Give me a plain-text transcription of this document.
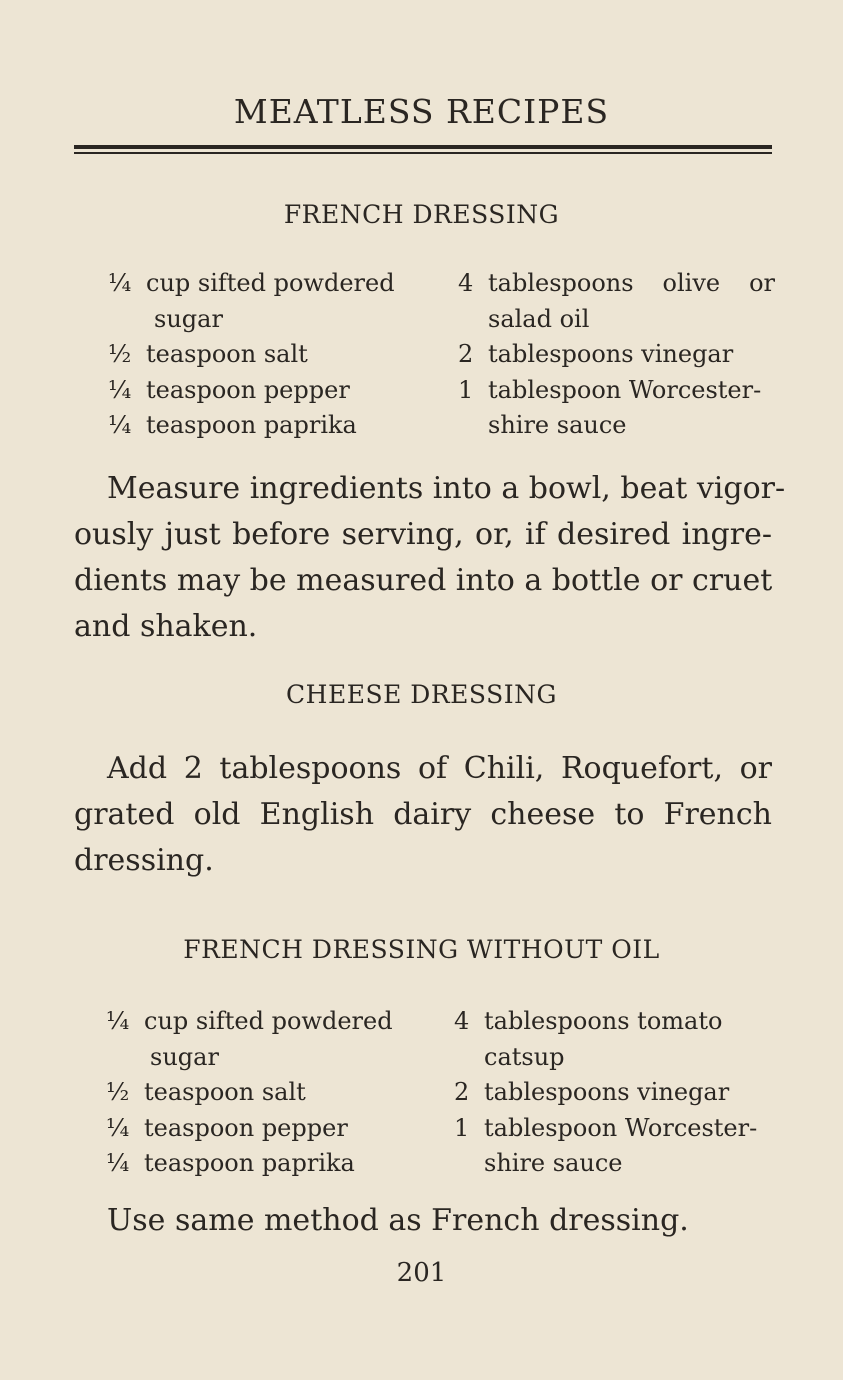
MEATLESS RECIPES
FRENCH DRESSING
¼ cup sifted powdered
sugar
½ teaspoon salt
¼ teaspoon pepper
¼ teaspoon paprika
4 tablespoons olive or
salad oil
2 tablespoons vinegar
1 tablespoon Worcester-
shire sauce
Measure ingredients into a bowl, beat vigor-
ously just before serving, or, if desired ingre-
dients may be measured into a bottle or cruet
and shaken.
CHEESE DRESSING
Add 2 tablespoons of Chili, Roquefort, or
grated old English dairy cheese to French
dressing.
FRENCH DRESSING WITHOUT OIL
¼ cup sifted powdered
sugar
½ teaspoon salt
¼ teaspoon pepper
¼ teaspoon paprika
4 tablespoons tomato
catsup
2 tablespoons vinegar
1 tablespoon Worcester-
shire sauce
Use same method as French dressing.
201
